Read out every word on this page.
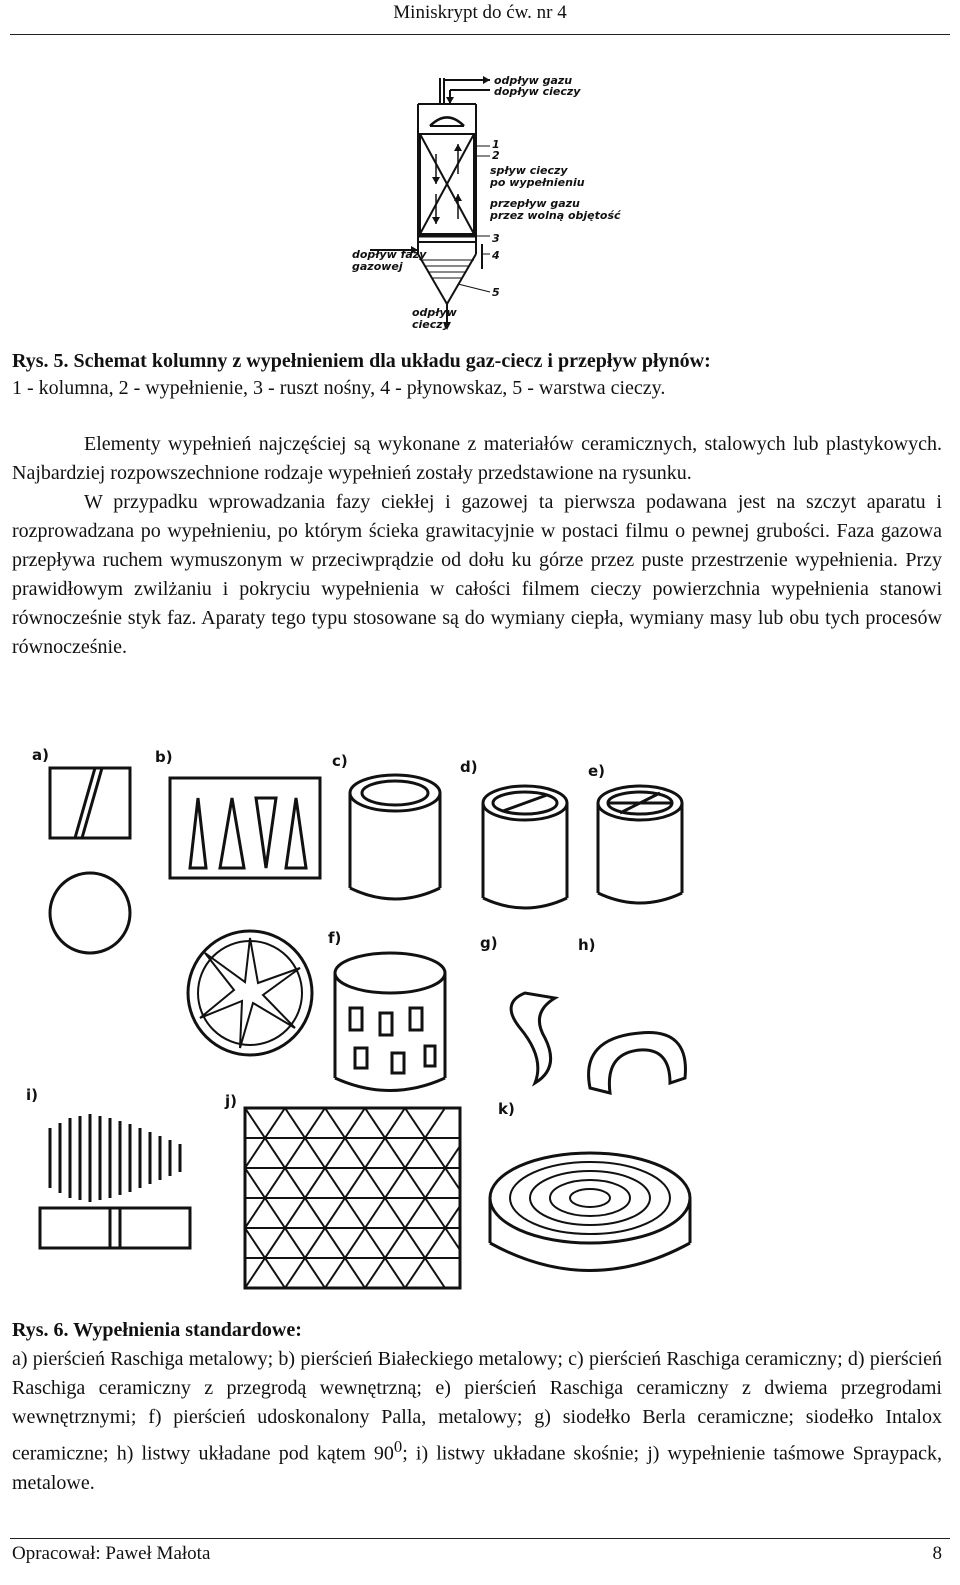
Miniskrypt do ćw. nr 4
odpływ gazu
dopływ cieczy
1
2
spływ cieczy
po wypełnieniu
przepływ gazu
przez wolną objętość
3
4
5
dopływ fazy
gazowej
odpływ
cieczy
Rys. 5. Schemat kolumny z wypełnieniem dla układu gaz-ciecz i przepływ płynów:
1 - kolumna, 2 - wypełnienie, 3 - ruszt nośny, 4 - płynowskaz, 5 - warstwa cieczy.

Elementy wypełnień najczęściej są wykonane z materiałów ceramicznych, stalowych lub plastykowych. Najbardziej rozpowszechnione rodzaje wypełnień zostały przedstawione na rysunku.

W przypadku wprowadzania fazy ciekłej i gazowej ta pierwsza podawana jest na szczyt aparatu i rozprowadzana po wypełnieniu, po którym ścieka grawitacyjnie w postaci filmu o pewnej grubości. Faza gazowa przepływa ruchem wymuszonym w przeciwprądzie od dołu ku górze przez puste przestrzenie wypełnienia. Przy prawidłowym zwilżaniu i pokryciu wypełnienia w całości filmem cieczy powierzchnia wypełnienia stanowi równocześnie styk faz. Aparaty tego typu stosowane są do wymiany ciepła, wymiany masy lub obu tych procesów równocześnie.

a)	b)	c)	d)	e)
f)	g)	h)
i)	j)	k)
Rys. 6. Wypełnienia standardowe:
a) pierścień Raschiga metalowy; b) pierścień Białeckiego metalowy; c) pierścień Raschiga ceramiczny; d) pierścień Raschiga ceramiczny z przegrodą wewnętrzną; e) pierścień Raschiga ceramiczny z dwiema przegrodami wewnętrznymi; f) pierścień udoskonalony Palla, metalowy; g) siodełko Berla ceramiczne; siodełko Intalox ceramiczne; h) listwy układane pod kątem $90^0$; i) listwy układane skośnie; j) wypełnienie taśmowe Spraypack, metalowe.
Opracował: Paweł Małota	8
